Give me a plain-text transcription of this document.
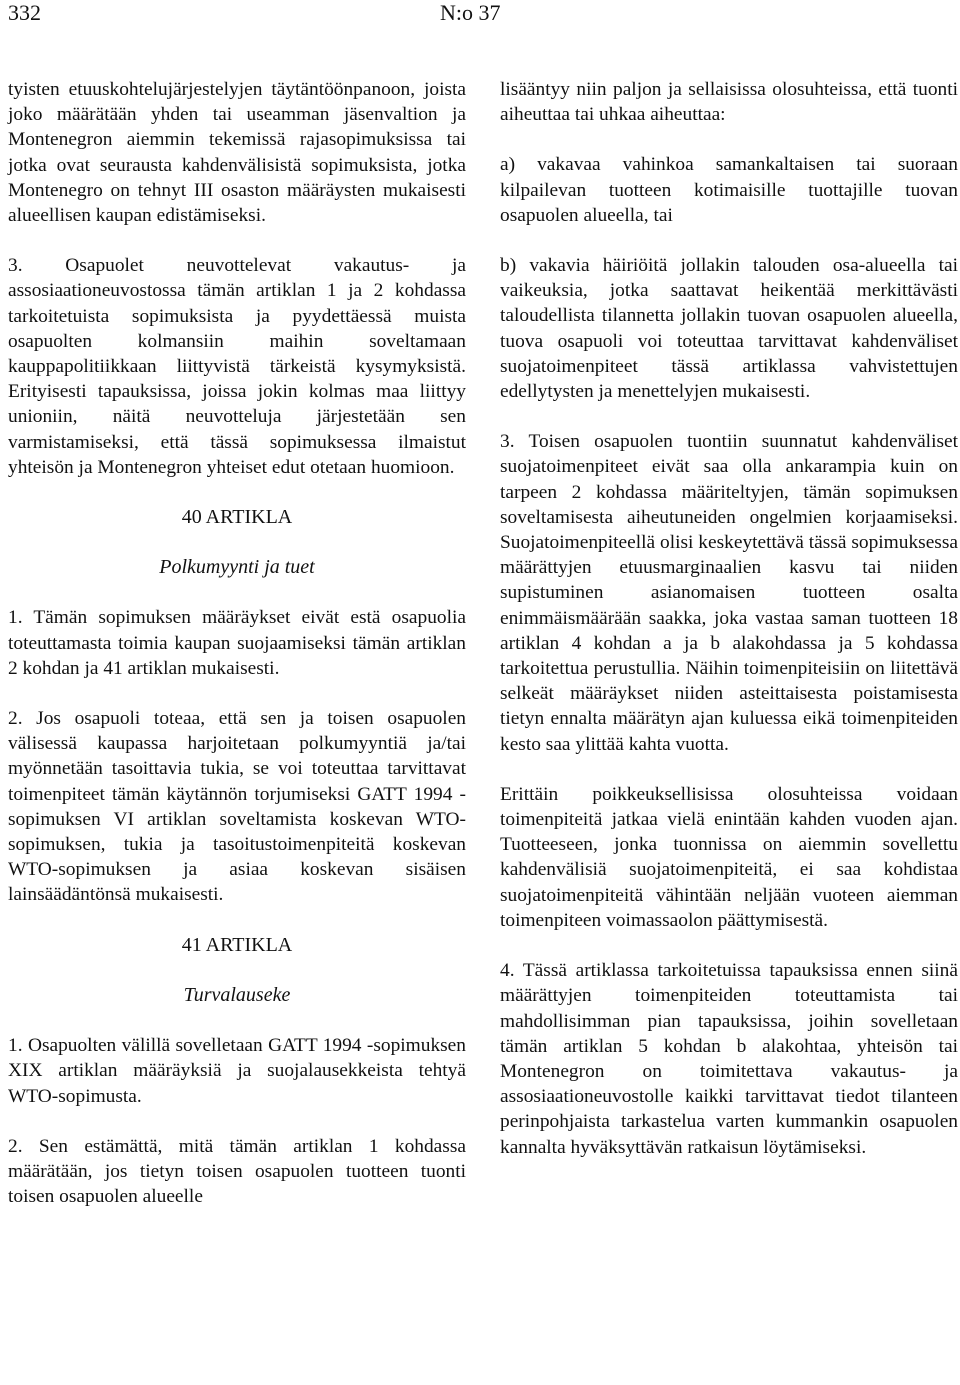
332	N:o 37

tyisten etuuskohtelujärjestelyjen täytäntöönpanoon, joista joko määrätään yhden tai useamman jäsenvaltion ja Montenegron aiemmin tekemissä rajasopimuksissa tai jotka ovat seurausta kahdenvälisistä sopimuksista, jotka Montenegro on tehnyt III osaston määräysten mukaisesti alueellisen kaupan edistämiseksi.

3. Osapuolet neuvottelevat vakautus- ja assosiaationeuvostossa tämän artiklan 1 ja 2 kohdassa tarkoitetuista sopimuksista ja pyydettäessä muista osapuolten kolmansiin maihin soveltamaan kauppapolitiikkaan liittyvistä tärkeistä kysymyksistä. Erityisesti tapauksissa, joissa jokin kolmas maa liittyy unioniin, näitä neuvotteluja järjestetään sen varmistamiseksi, että tässä sopimuksessa ilmaistut yhteisön ja Montenegron yhteiset edut otetaan huomioon.

40 ARTIKLA
Polkumyynti ja tuet

1. Tämän sopimuksen määräykset eivät estä osapuolia toteuttamasta toimia kaupan suojaamiseksi tämän artiklan 2 kohdan ja 41 artiklan mukaisesti.

2. Jos osapuoli toteaa, että sen ja toisen osapuolen välisessä kaupassa harjoitetaan polkumyyntiä ja/tai myönnetään tasoittavia tukia, se voi toteuttaa tarvittavat toimenpiteet tämän käytännön torjumiseksi GATT 1994 -sopimuksen VI artiklan soveltamista koskevan WTO-sopimuksen, tukia ja tasoitustoimenpiteitä koskevan WTO-sopimuksen ja asiaa koskevan sisäisen lainsäädäntönsä mukaisesti.

41 ARTIKLA
Turvalauseke

1. Osapuolten välillä sovelletaan GATT 1994 -sopimuksen XIX artiklan määräyksiä ja suojalausekkeista tehtyä WTO-sopimusta.

2. Sen estämättä, mitä tämän artiklan 1 kohdassa määrätään, jos tietyn toisen osapuolen tuotteen tuonti toisen osapuolen alueelle

lisääntyy niin paljon ja sellaisissa olosuhteissa, että tuonti aiheuttaa tai uhkaa aiheuttaa:

a) vakavaa vahinkoa samankaltaisen tai suoraan kilpailevan tuotteen kotimaisille tuottajille tuovan osapuolen alueella, tai

b) vakavia häiriöitä jollakin talouden osa-alueella tai vaikeuksia, jotka saattavat heikentää merkittävästi taloudellista tilannetta jollakin tuovan osapuolen alueella, tuova osapuoli voi toteuttaa tarvittavat kahdenväliset suojatoimenpiteet tässä artiklassa vahvistettujen edellytysten ja menettelyjen mukaisesti.

3. Toisen osapuolen tuontiin suunnatut kahdenväliset suojatoimenpiteet eivät saa olla ankarampia kuin on tarpeen 2 kohdassa määriteltyjen, tämän sopimuksen soveltamisesta aiheutuneiden ongelmien korjaamiseksi. Suojatoimenpiteellä olisi keskeytettävä tässä sopimuksessa määrättyjen etuusmarginaalien kasvu tai niiden supistuminen asianomaisen tuotteen osalta enimmäismäärään saakka, joka vastaa saman tuotteen 18 artiklan 4 kohdan a ja b alakohdassa ja 5 kohdassa tarkoitettua perustullia. Näihin toimenpiteisiin on liitettävä selkeät määräykset niiden asteittaisesta poistamisesta tietyn ennalta määrätyn ajan kuluessa eikä toimenpiteiden kesto saa ylittää kahta vuotta.

Erittäin poikkeuksellisissa olosuhteissa voidaan toimenpiteitä jatkaa vielä enintään kahden vuoden ajan. Tuotteeseen, jonka tuonnissa on aiemmin sovellettu kahdenvälisiä suojatoimenpiteitä, ei saa kohdistaa suojatoimenpiteitä vähintään neljään vuoteen aiemman toimenpiteen voimassaolon päättymisestä.

4. Tässä artiklassa tarkoitetuissa tapauksissa ennen siinä määrättyjen toimenpiteiden toteuttamista tai mahdollisimman pian tapauksissa, joihin sovelletaan tämän artiklan 5 kohdan b alakohtaa, yhteisön tai Montenegron on toimitettava vakautus- ja assosiaationeuvostolle kaikki tarvittavat tiedot tilanteen perinpohjaista tarkastelua varten kummankin osapuolen kannalta hyväksyttävän ratkaisun löytämiseksi.
